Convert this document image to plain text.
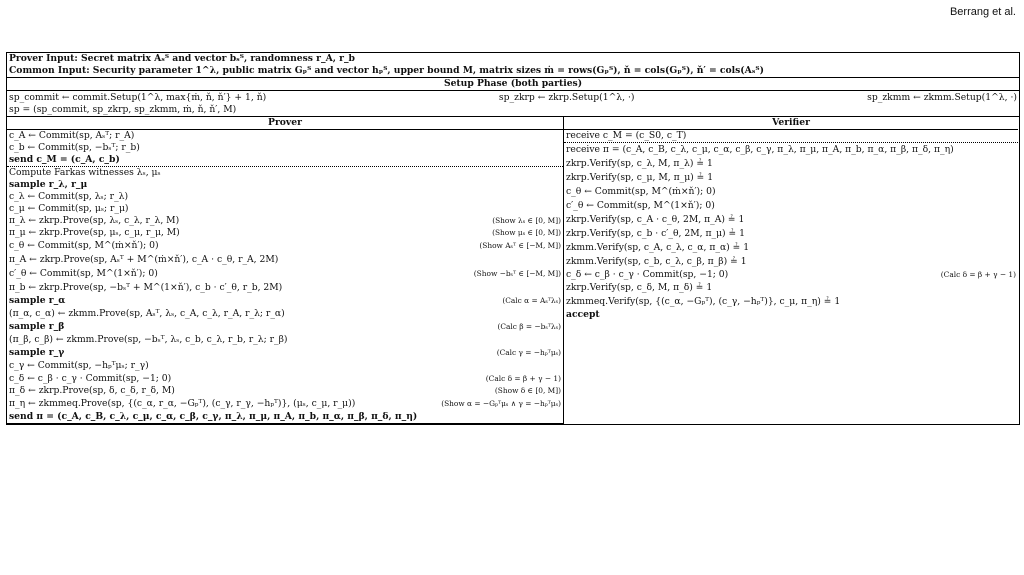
Berrang et al.
Prover Input: Secret matrix Aₛᵀ and vector bₛᵀ, randomness r_A, r_b
Common Input: Security parameter 1^λ, public matrix Gₚᵀ and vector hₚᵀ, upper bound M, matrix sizes ṁ = rows(Gₚᵀ), ň = cols(Gₚᵀ), ň′ = cols(Aₛᵀ)
Setup Phase (both parties)
sp_commit ← commit.Setup(1^λ, max{ṁ, ň, ň′} + 1, ň)	sp_zkrp ← zkrp.Setup(1^λ, ·)	sp_zkmm ← zkmm.Setup(1^λ, ·)
sp = (sp_commit, sp_zkrp, sp_zkmm, ṁ, ň, ň′, M)
Prover
c_A ← Commit(sp, Aₛᵀ; r_A)
c_b ← Commit(sp, −bₛᵀ; r_b)
send c_M = (c_A, c_b)
Compute Farkas witnesses λₛ, μₛ
sample r_λ, r_μ
c_λ ← Commit(sp, λₛ; r_λ)
c_μ ← Commit(sp, μₛ; r_μ)
π_λ ← zkrp.Prove(sp, λₛ, c_λ, r_λ, M)	(Show λₛ ∈ [0, M])
π_μ ← zkrp.Prove(sp, μₛ, c_μ, r_μ, M)	(Show μₛ ∈ [0, M])
c_θ ← Commit(sp, M^(ṁ×ň′); 0)	(Show Aₛᵀ ∈ [−M, M])
π_A ← zkrp.Prove(sp, Aₛᵀ + M^(ṁ×ň′), c_A · c_θ, r_A, 2M)
c′_θ ← Commit(sp, M^(1×ň′); 0)	(Show −bₛᵀ ∈ [−M, M])
π_b ← zkrp.Prove(sp, −bₛᵀ + M^(1×ň′), c_b · c′_θ, r_b, 2M)
sample r_α	(Calc α = Aₛᵀλₛ)
(π_α, c_α) ← zkmm.Prove(sp, Aₛᵀ, λₛ, c_A, c_λ, r_A, r_λ; r_α)
sample r_β	(Calc β = −bₛᵀλₛ)
(π_β, c_β) ← zkmm.Prove(sp, −bₛᵀ, λₛ, c_b, c_λ, r_b, r_λ; r_β)
sample r_γ	(Calc γ = −hₚᵀμₛ)
c_γ ← Commit(sp, −hₚᵀμₛ; r_γ)
c_δ ← c_β · c_γ · Commit(sp, −1; 0)	(Calc δ = β + γ − 1)
π_δ ← zkrp.Prove(sp, δ, c_δ, r_δ, M)	(Show δ ∈ [0, M])
π_η ← zkmmeq.Prove(sp, {(c_α, r_α, −Gₚᵀ), (c_γ, r_γ, −hₚᵀ)}, (μₛ, c_μ, r_μ))	(Show α = −Gₚᵀμₛ ∧ γ = −hₚᵀμₛ)
send π = (c_A, c_B, c_λ, c_μ, c_α, c_β, c_γ, π_λ, π_μ, π_A, π_b, π_α, π_β, π_δ, π_η)
Verifier
receive c_M = (c_S0, c_T)
receive π = (c_A, c_B, c_λ, c_μ, c_α, c_β, c_γ, π_λ, π_μ, π_A, π_b, π_α, π_β, π_δ, π_η)
zkrp.Verify(sp, c_λ, M, π_λ) ≟ 1
zkrp.Verify(sp, c_μ, M, π_μ) ≟ 1
c_θ ← Commit(sp, M^(ṁ×ň′); 0)
c′_θ ← Commit(sp, M^(1×ň′); 0)
zkrp.Verify(sp, c_A · c_θ, 2M, π_A) ≟ 1
zkrp.Verify(sp, c_b · c′_θ, 2M, π_μ) ≟ 1
zkmm.Verify(sp, c_A, c_λ, c_α, π_α) ≟ 1
zkmm.Verify(sp, c_b, c_λ, c_β, π_β) ≟ 1
c_δ ← c_β · c_γ · Commit(sp, −1; 0)	(Calc δ = β + γ − 1)
zkrp.Verify(sp, c_δ, M, π_δ) ≟ 1
zkmmeq.Verify(sp, {(c_α, −Gₚᵀ), (c_γ, −hₚᵀ)}, c_μ, π_η) ≟ 1
accept
